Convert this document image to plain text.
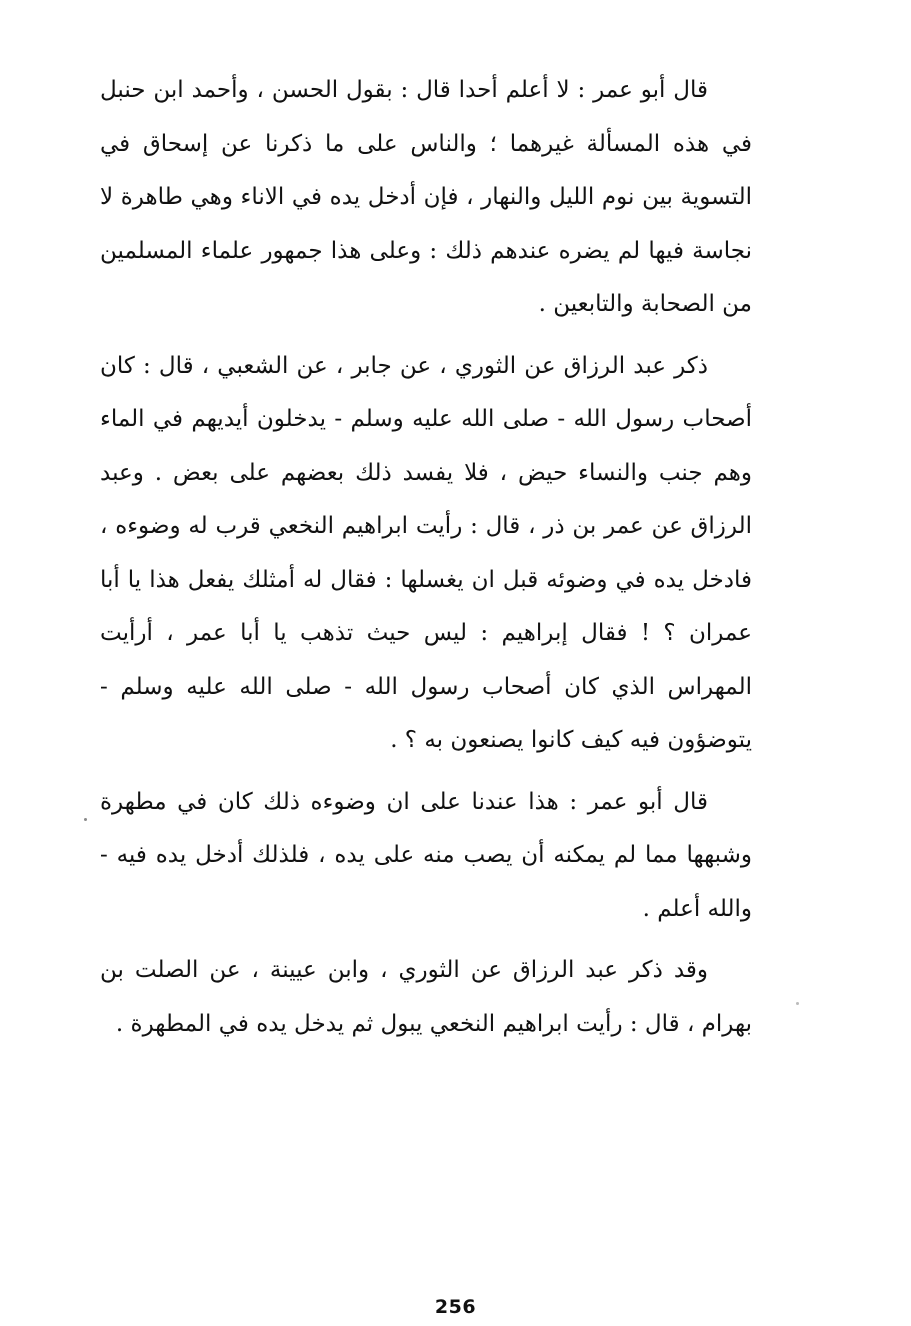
قال أبو عمر : لا أعلم أحدا قال : بقول الحسن ، وأحمد ابن حنبل في هذه المسألة غيرهما ؛ والناس على ما ذكرنا عن إسحاق في التسوية بين نوم الليل والنهار ، فإن أدخل يده في الاناء وهي طاهرة لا نجاسة فيها لم يضره عندهم ذلك : وعلى هذا جمهور علماء المسلمين من الصحابة والتابعين .

ذكر عبد الرزاق عن الثوري ، عن جابر ، عن الشعبي ، قال : كان أصحاب رسول الله - صلى الله عليه وسلم - يدخلون أيديهم في الماء وهم جنب والنساء حيض ، فلا يفسد ذلك بعضهم على بعض . وعبد الرزاق عن عمر بن ذر ، قال : رأيت ابراهيم النخعي قرب له وضوءه ، فادخل يده في وضوئه قبل ان يغسلها : فقال له أمثلك يفعل هذا يا أبا عمران ؟ ! فقال إبراهيم : ليس حيث تذهب يا أبا عمر ، أرأيت المهراس الذي كان أصحاب رسول الله - صلى الله عليه وسلم - يتوضؤون فيه كيف كانوا يصنعون به ؟ .

قال أبو عمر : هذا عندنا على ان وضوءه ذلك كان في مطهرة وشبهها مما لم يمكنه أن يصب منه على يده ، فلذلك أدخل يده فيه - والله أعلم .

وقد ذكر عبد الرزاق عن الثوري ، وابن عيينة ، عن الصلت بن بهرام ، قال : رأيت ابراهيم النخعي يبول ثم يدخل يده في المطهرة .

256
